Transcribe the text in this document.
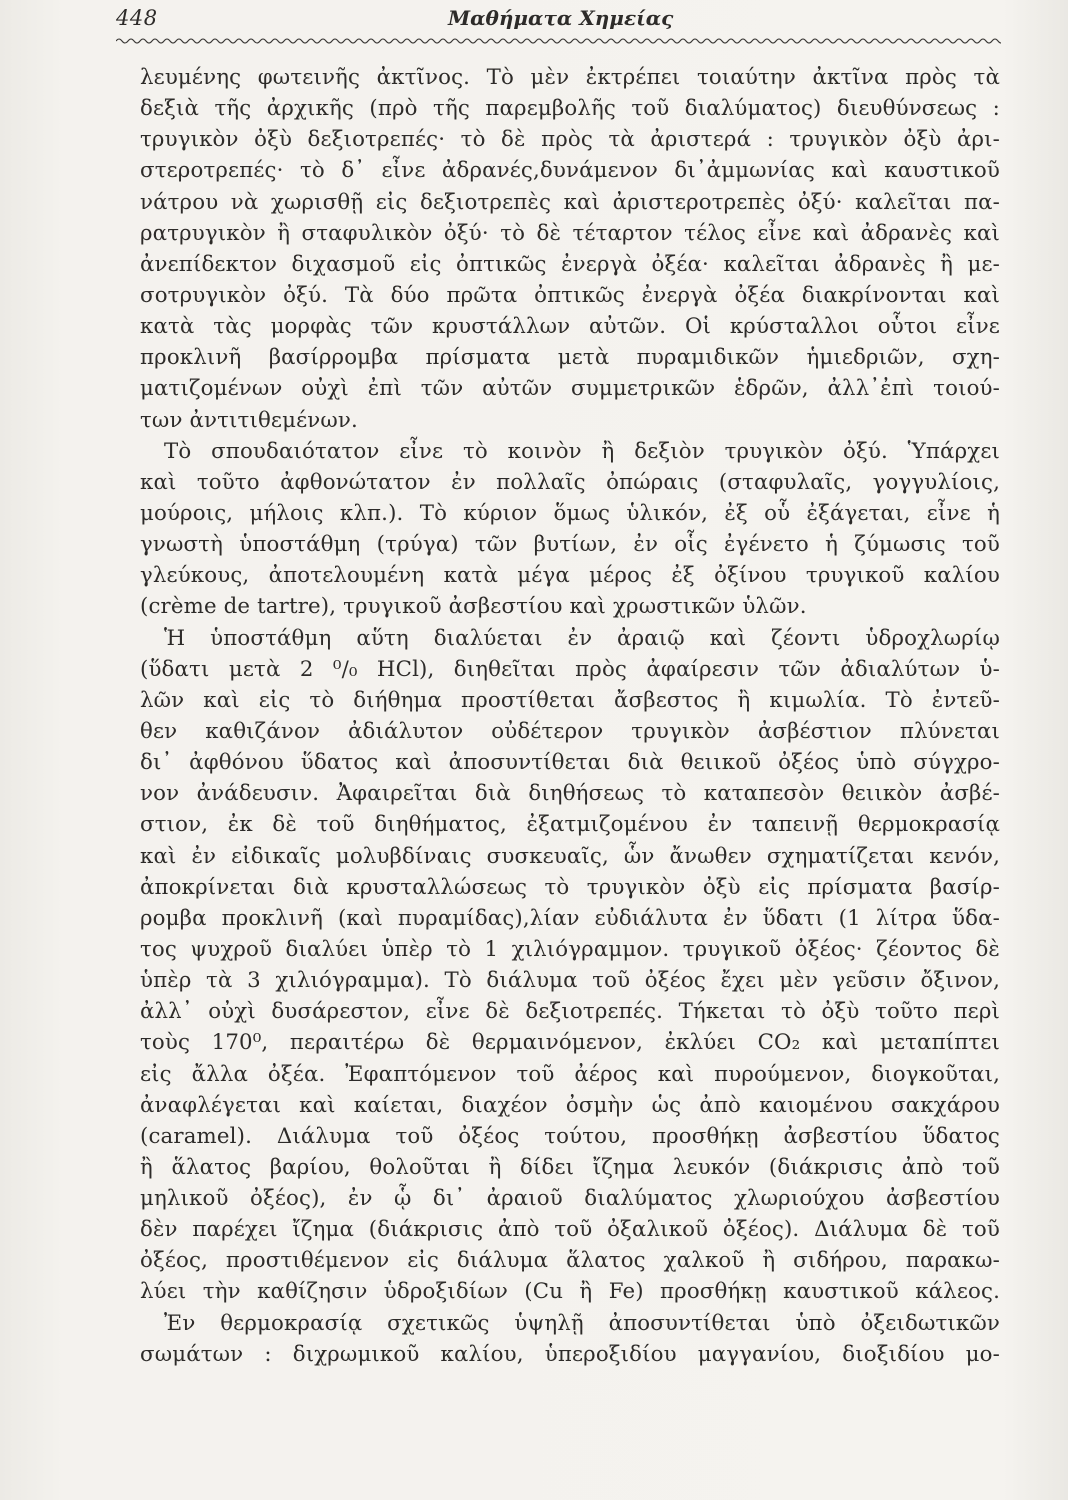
448	Μαθήματα Χημείας
λευμένης φωτεινῆς ἀκτῖνος. Τὸ μὲν ἐκτρέπει τοιαύτην ἀκτῖνα πρὸς τὰ
δεξιὰ τῆς ἀρχικῆς (πρὸ τῆς παρεμβολῆς τοῦ διαλύματος) διευθύνσεως :
τρυγικὸν ὀξὺ δεξιοτρεπές· τὸ δὲ πρὸς τὰ ἀριστερά : τρυγικὸν ὀξὺ ἀρι-
στεροτρεπές· τὸ δ᾿ εἶνε ἀδρανές,δυνάμενον δι᾿ἀμμωνίας καὶ καυστικοῦ
νάτρου νὰ χωρισθῇ εἰς δεξιοτρεπὲς καὶ ἀριστεροτρεπὲς ὀξύ· καλεῖται πα-
ρατρυγικὸν ἢ σταφυλικὸν ὀξύ· τὸ δὲ τέταρτον τέλος εἶνε καὶ ἀδρανὲς καὶ
ἀνεπίδεκτον διχασμοῦ εἰς ὀπτικῶς ἐνεργὰ ὀξέα· καλεῖται ἀδρανὲς ἢ με-
σοτρυγικὸν ὀξύ. Τὰ δύο πρῶτα ὀπτικῶς ἐνεργὰ ὀξέα διακρίνονται καὶ
κατὰ τὰς μορφὰς τῶν κρυστάλλων αὐτῶν. Οἱ κρύσταλλοι οὗτοι εἶνε
προκλινῆ βασίρρομβα πρίσματα μετὰ πυραμιδικῶν ἡμιεδριῶν, σχη-
ματιζομένων οὐχὶ ἐπὶ τῶν αὐτῶν συμμετρικῶν ἑδρῶν, ἀλλ᾿ἐπὶ τοιού-
των ἀντιτιθεμένων.
Τὸ σπουδαιότατον εἶνε τὸ κοινὸν ἢ δεξιὸν τρυγικὸν ὀξύ. Ὑπάρχει
καὶ τοῦτο ἀφθονώτατον ἐν πολλαῖς ὀπώραις (σταφυλαῖς, γογγυλίοις,
μούροις, μήλοις κλπ.). Τὸ κύριον ὅμως ὑλικόν, ἐξ οὗ ἐξάγεται, εἶνε ἡ
γνωστὴ ὑποστάθμη (τρύγα) τῶν βυτίων, ἐν οἷς ἐγένετο ἡ ζύμωσις τοῦ
γλεύκους, ἀποτελουμένη κατὰ μέγα μέρος ἐξ ὀξίνου τρυγικοῦ καλίου
(crème de tartre), τρυγικοῦ ἀσβεστίου καὶ χρωστικῶν ὑλῶν.
Ἡ ὑποστάθμη αὕτη διαλύεται ἐν ἀραιῷ καὶ ζέοντι ὑδροχλωρίῳ
(ὕδατι μετὰ 2 ⁰/₀ HCl), διηθεῖται πρὸς ἀφαίρεσιν τῶν ἀδιαλύτων ὑ-
λῶν καὶ εἰς τὸ διήθημα προστίθεται ἄσβεστος ἢ κιμωλία. Τὸ ἐντεῦ-
θεν καθιζάνον ἀδιάλυτον οὐδέτερον τρυγικὸν ἀσβέστιον πλύνεται
δι᾿ ἀφθόνου ὕδατος καὶ ἀποσυντίθεται διὰ θειικοῦ ὀξέος ὑπὸ σύγχρο-
νον ἀνάδευσιν. Ἀφαιρεῖται διὰ διηθήσεως τὸ καταπεσὸν θειικὸν ἀσβέ-
στιον, ἐκ δὲ τοῦ διηθήματος, ἐξατμιζομένου ἐν ταπεινῇ θερμοκρασίᾳ
καὶ ἐν εἰδικαῖς μολυβδίναις συσκευαῖς, ὧν ἄνωθεν σχηματίζεται κενόν,
ἀποκρίνεται διὰ κρυσταλλώσεως τὸ τρυγικὸν ὀξὺ εἰς πρίσματα βασίρ-
ρομβα προκλινῆ (καὶ πυραμίδας),λίαν εὐδιάλυτα ἐν ὕδατι (1 λίτρα ὕδα-
τος ψυχροῦ διαλύει ὑπὲρ τὸ 1 χιλιόγραμμον. τρυγικοῦ ὀξέος· ζέοντος δὲ
ὑπὲρ τὰ 3 χιλιόγραμμα). Τὸ διάλυμα τοῦ ὀξέος ἔχει μὲν γεῦσιν ὄξινον,
ἀλλ᾿ οὐχὶ δυσάρεστον, εἶνε δὲ δεξιοτρεπές. Τήκεται τὸ ὀξὺ τοῦτο περὶ
τοὺς 170⁰, περαιτέρω δὲ θερμαινόμενον, ἐκλύει CO₂ καὶ μεταπίπτει
εἰς ἄλλα ὀξέα. Ἐφαπτόμενον τοῦ ἀέρος καὶ πυρούμενον, διογκοῦται,
ἀναφλέγεται καὶ καίεται, διαχέον ὀσμὴν ὡς ἀπὸ καιομένου σακχάρου
(caramel). Διάλυμα τοῦ ὀξέος τούτου, προσθήκῃ ἀσβεστίου ὕδατος
ἢ ἅλατος βαρίου, θολοῦται ἢ δίδει ἴζημα λευκόν (διάκρισις ἀπὸ τοῦ
μηλικοῦ ὀξέος), ἐν ᾧ δι᾿ ἀραιοῦ διαλύματος χλωριούχου ἀσβεστίου
δὲν παρέχει ἴζημα (διάκρισις ἀπὸ τοῦ ὀξαλικοῦ ὀξέος). Διάλυμα δὲ τοῦ
ὀξέος, προστιθέμενον εἰς διάλυμα ἅλατος χαλκοῦ ἢ σιδήρου, παρακω-
λύει τὴν καθίζησιν ὑδροξιδίων (Cu ἢ Fe) προσθήκῃ καυστικοῦ κάλεος.
Ἐν θερμοκρασίᾳ σχετικῶς ὑψηλῇ ἀποσυντίθεται ὑπὸ ὀξειδωτικῶν
σωμάτων : διχρωμικοῦ καλίου, ὑπεροξιδίου μαγγανίου, διοξιδίου μο-
